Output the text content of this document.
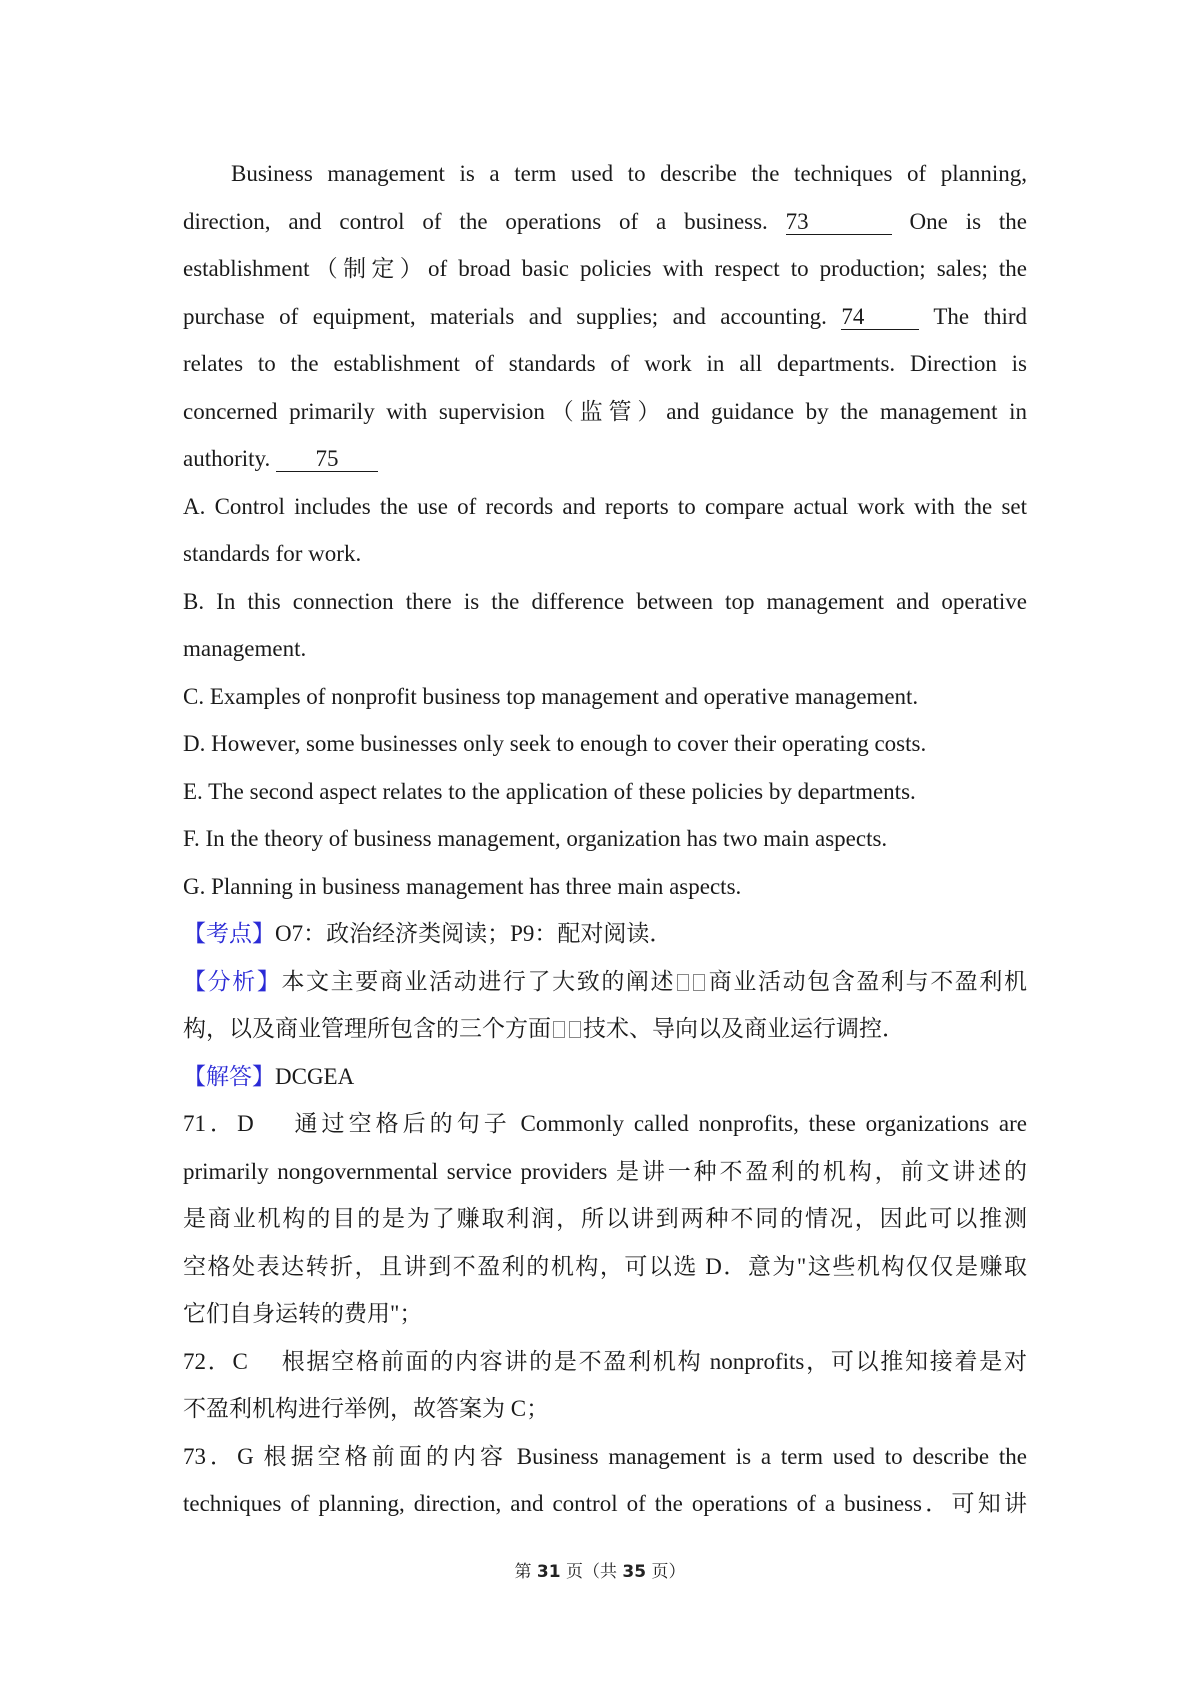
Business management is a term used to describe the techniques of planning,
direction, and control of the operations of a business. 73	One is the
establishment（制定）of broad basic policies with respect to production; sales; the
purchase of equipment, materials and supplies; and accounting. 74	The third
relates to the establishment of standards of work in all departments. Direction is
concerned primarily with supervision（监管）and guidance by the management in
authority. 75
A. Control includes the use of records and reports to compare actual work with the set
standards for work.
B. In this connection there is the difference between top management and operative
management.
C. Examples of nonprofit business top management and operative management.
D. However, some businesses only seek to enough to cover their operating costs.
E. The second aspect relates to the application of these policies by departments.
F. In the theory of business management, organization has two main aspects.
G. Planning in business management has three main aspects.
【考点】O7：政治经济类阅读；P9：配对阅读．
【分析】本文主要商业活动进行了大致的阐述 商业活动包含盈利与不盈利机
构，以及商业管理所包含的三个方面 技术、导向以及商业运行调控．
【解答】DCGEA
71．D　 通过空格后的句子 Commonly called nonprofits, these organizations are
primarily nongovernmental service providers 是讲一种不盈利的机构，前文讲述的
是商业机构的目的是为了赚取利润，所以讲到两种不同的情况，因此可以推测
空格处表达转折，且讲到不盈利的机构，可以选 D．意为"这些机构仅仅是赚取
它们自身运转的费用"；
72．C　 根据空格前面的内容讲的是不盈利机构 nonprofits，可以推知接着是对
不盈利机构进行举例，故答案为 C；
73．G 根据空格前面的内容 Business management is a term used to describe the
techniques of planning, direction, and control of the operations of a business．可知讲
第 31 页（共 35 页）
